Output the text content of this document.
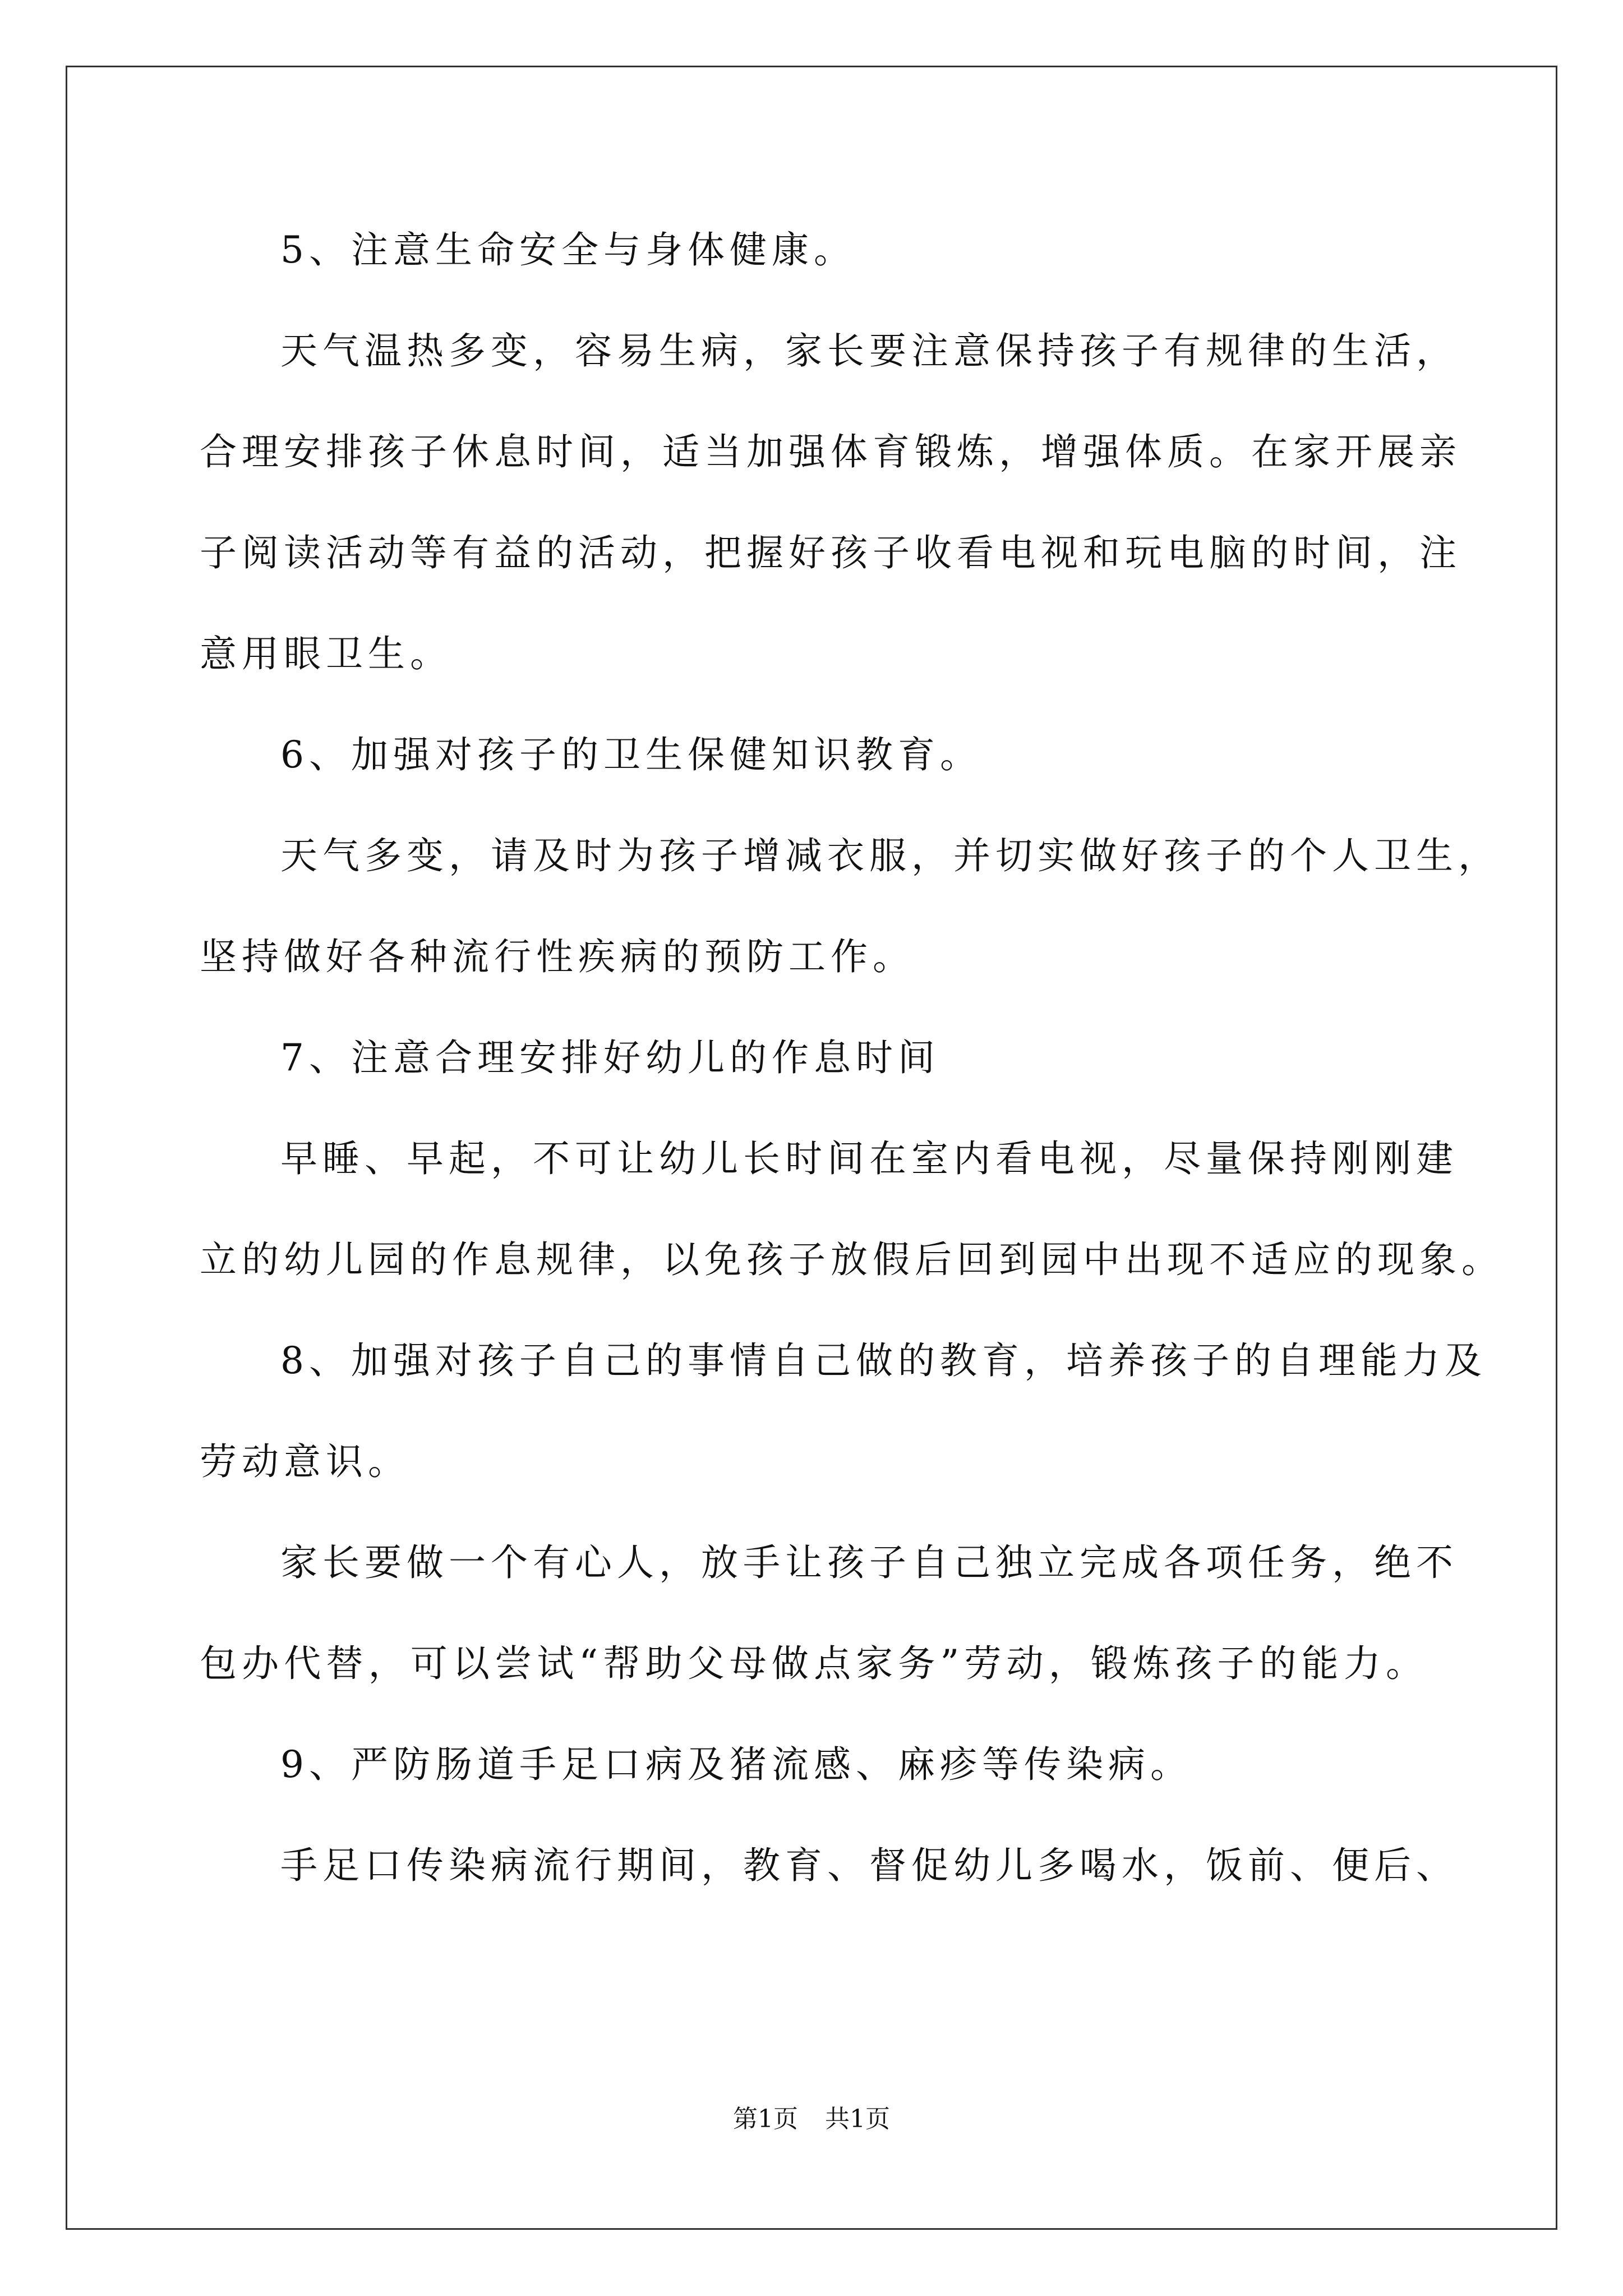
5、注意生命安全与身体健康。
天气温热多变，容易生病，家长要注意保持孩子有规律的生活，
合理安排孩子休息时间，适当加强体育锻炼，增强体质。在家开展亲
子阅读活动等有益的活动，把握好孩子收看电视和玩电脑的时间，注
意用眼卫生。
6、加强对孩子的卫生保健知识教育。
天气多变，请及时为孩子增减衣服，并切实做好孩子的个人卫生，
坚持做好各种流行性疾病的预防工作。
7、注意合理安排好幼儿的作息时间
早睡、早起，不可让幼儿长时间在室内看电视，尽量保持刚刚建
立的幼儿园的作息规律，以免孩子放假后回到园中出现不适应的现象。
8、加强对孩子自己的事情自己做的教育，培养孩子的自理能力及
劳动意识。
家长要做一个有心人，放手让孩子自己独立完成各项任务，绝不
包办代替，可以尝试“帮助父母做点家务”劳动，锻炼孩子的能力。
9、严防肠道手足口病及猪流感、麻疹等传染病。
手足口传染病流行期间，教育、督促幼儿多喝水，饭前、便后、
第1页 共1页
